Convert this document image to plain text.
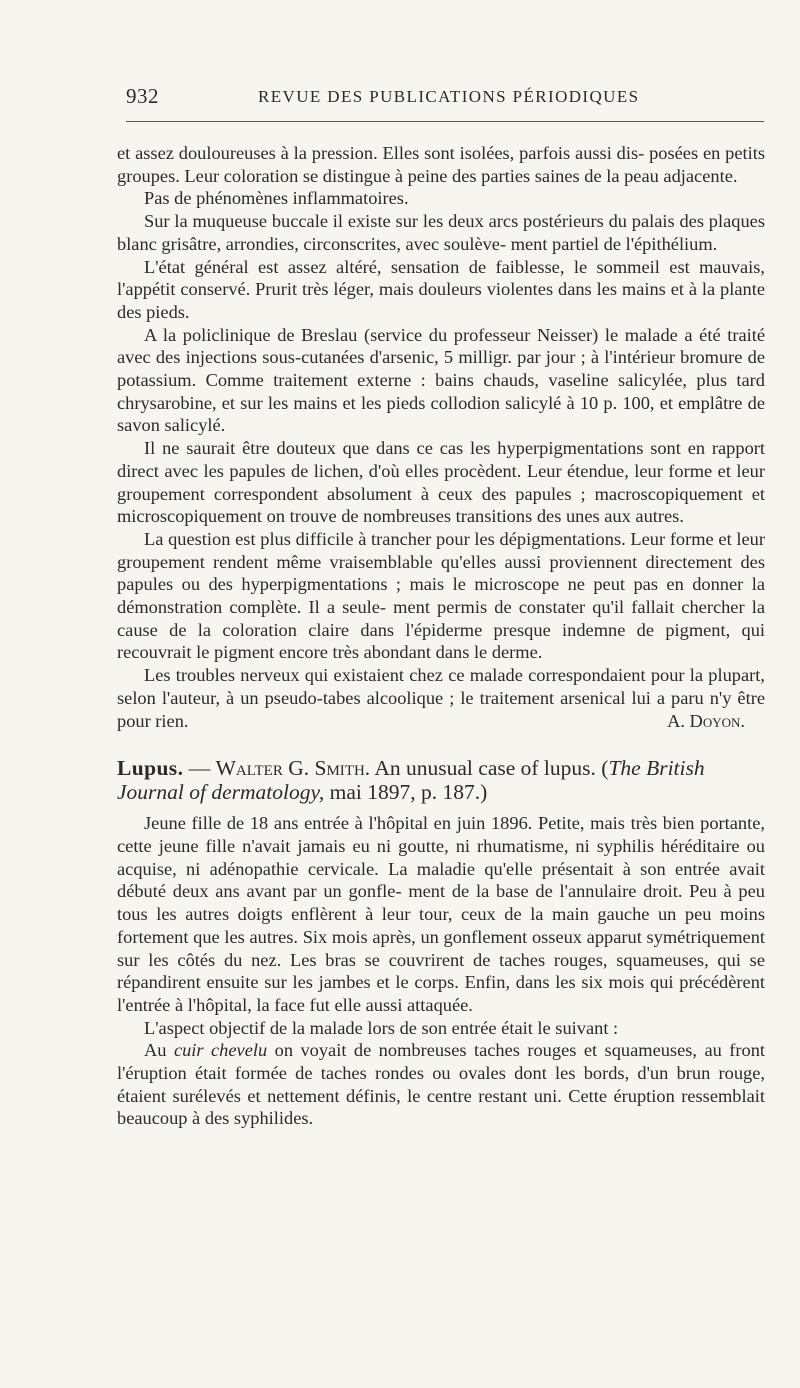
932	REVUE DES PUBLICATIONS PÉRIODIQUES

et assez douloureuses à la pression. Elles sont isolées, parfois aussi dis- posées en petits groupes. Leur coloration se distingue à peine des parties saines de la peau adjacente.

Pas de phénomènes inflammatoires.

Sur la muqueuse buccale il existe sur les deux arcs postérieurs du palais des plaques blanc grisâtre, arrondies, circonscrites, avec soulève- ment partiel de l'épithélium.

L'état général est assez altéré, sensation de faiblesse, le sommeil est mauvais, l'appétit conservé. Prurit très léger, mais douleurs violentes dans les mains et à la plante des pieds.

A la policlinique de Breslau (service du professeur Neisser) le malade a été traité avec des injections sous-cutanées d'arsenic, 5 milligr. par jour ; à l'intérieur bromure de potassium. Comme traitement externe : bains chauds, vaseline salicylée, plus tard chrysarobine, et sur les mains et les pieds collodion salicylé à 10 p. 100, et emplâtre de savon salicylé.

Il ne saurait être douteux que dans ce cas les hyperpigmentations sont en rapport direct avec les papules de lichen, d'où elles procèdent. Leur étendue, leur forme et leur groupement correspondent absolument à ceux des papules ; macroscopiquement et microscopiquement on trouve de nombreuses transitions des unes aux autres.

La question est plus difficile à trancher pour les dépigmentations. Leur forme et leur groupement rendent même vraisemblable qu'elles aussi proviennent directement des papules ou des hyperpigmentations ; mais le microscope ne peut pas en donner la démonstration complète. Il a seule- ment permis de constater qu'il fallait chercher la cause de la coloration claire dans l'épiderme presque indemne de pigment, qui recouvrait le pigment encore très abondant dans le derme.

Les troubles nerveux qui existaient chez ce malade correspondaient pour la plupart, selon l'auteur, à un pseudo-tabes alcoolique ; le traitement arsenical lui a paru n'y être pour rien.	A. Doyon.

Lupus. — Walter G. Smith. An unusual case of lupus. (The British Journal of dermatology, mai 1897, p. 187.)

Jeune fille de 18 ans entrée à l'hôpital en juin 1896. Petite, mais très bien portante, cette jeune fille n'avait jamais eu ni goutte, ni rhumatisme, ni syphilis héréditaire ou acquise, ni adénopathie cervicale. La maladie qu'elle présentait à son entrée avait débuté deux ans avant par un gonfle- ment de la base de l'annulaire droit. Peu à peu tous les autres doigts enflèrent à leur tour, ceux de la main gauche un peu moins fortement que les autres. Six mois après, un gonflement osseux apparut symétriquement sur les côtés du nez. Les bras se couvrirent de taches rouges, squameuses, qui se répandirent ensuite sur les jambes et le corps. Enfin, dans les six mois qui précédèrent l'entrée à l'hôpital, la face fut elle aussi attaquée.

L'aspect objectif de la malade lors de son entrée était le suivant :

Au cuir chevelu on voyait de nombreuses taches rouges et squameuses, au front l'éruption était formée de taches rondes ou ovales dont les bords, d'un brun rouge, étaient surélevés et nettement définis, le centre restant uni. Cette éruption ressemblait beaucoup à des syphilides.
